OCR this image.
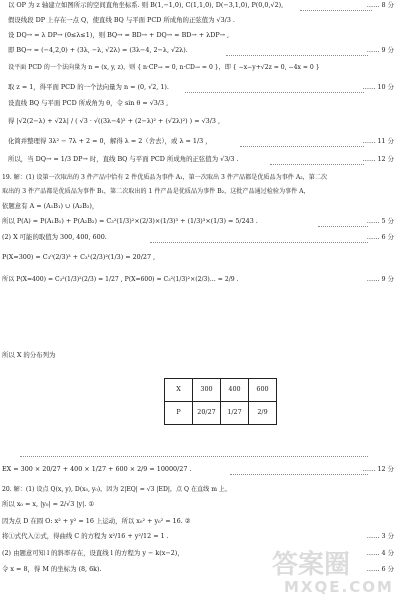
以 OP 为 z 轴建立如图所示的空间直角坐标系. 则 B(1,−1,0), C(1,1,0), D(−3,1,0), P(0,0,√2),	…… 8 分
假设线段 DP 上存在一点 Q，使直线 BQ 与平面 PCD 所成角的正弦值为 √3/3 .
设 DQ→ = λ DP→ (0≤λ≤1)，则 BQ→ = BD→ + DQ→ = BD→ + λDP→ ,
即 BQ→ = (−4,2,0) + (3λ, −λ, √2λ) = (3λ−4, 2−λ, √2λ).	…… 9 分
设平面 PCD 的一个法向量为 n = (x, y, z)，则 { n·CP→ = 0, n·CD→ = 0 }，即 { −x−y+√2z = 0, −4x = 0 }
取 z = 1，得平面 PCD 的一个法向量为 n = (0, √2, 1).	…… 10 分
设直线 BQ 与平面 PCD 所成角为 θ，令 sin θ = √3/3 ,
得 |√2(2−λ) + √2λ| / ( √3 · √((3λ−4)² + (2−λ)² + (√2λ)²) ) = √3/3 ,
化简并整理得 3λ² − 7λ + 2 = 0，解得 λ = 2（舍去），或 λ = 1/3 ，	…… 11 分
所以，当 DQ→ = 1/3 DP→ 时，直线 BQ 与平面 PCD 所成角的正弦值为 √3/3 .	…… 12 分
19. 解：(1) 设第一次取出的 3 件产品中恰有 2 件优质品为事件 A₁，第一次取出 3 件产品都是优质品为事件 A₂，第二次
取出的 3 件产品都是优质品为事件 B₁，第二次取出的 1 件产品是优质品为事件 B₂，这批产品通过检验为事件 A，
依题意有 A = (A₁B₁) ∪ (A₂B₂)，
所以 P(A) = P(A₁B₁) + P(A₂B₂) = C₃²(1/3)²×(2/3)×(1/3)³ + (1/3)³×(1/3) = 5/243 .	…… 5 分
(2) X 可能的取值为 300, 400, 600.	…… 6 分
P(X=300) = C₃⁰(2/3)³ + C₃¹(2/3)²(1/3) = 20/27 ,
所以 P(X=400) = C₃²(1/3)²(2/3) = 1/27 , P(X=600) = C₃²(1/3)²×(2/3)… = 2/9 .	…… 9 分
所以 X 的分布列为
X	300	400	600
P	20/27	1/27	2/9
EX = 300 × 20/27 + 400 × 1/27 + 600 × 2/9 = 10000/27 .	…… 12 分
20. 解：(1) 设点 Q(x, y), D(x₀, y₀)，因为 2|EQ| = √3 |ED|，点 Q 在直线 m 上，
所以 x₀ = x, |y₀| = 2/√3 |y|. ①
因为点 D 在圆 O: x² + y² = 16 上运动，所以 x₀² + y₀² = 16. ②
将①式代入②式，得曲线 C 的方程为 x²/16 + y²/12 = 1 .	…… 3 分
(2) 由题意可知 l 的斜率存在，设直线 l 的方程为 y − k(x−2)，	…… 4 分
令 x = 8，得 M 的坐标为 (8, 6k).	…… 6 分
答案圈
MXQE.COM
